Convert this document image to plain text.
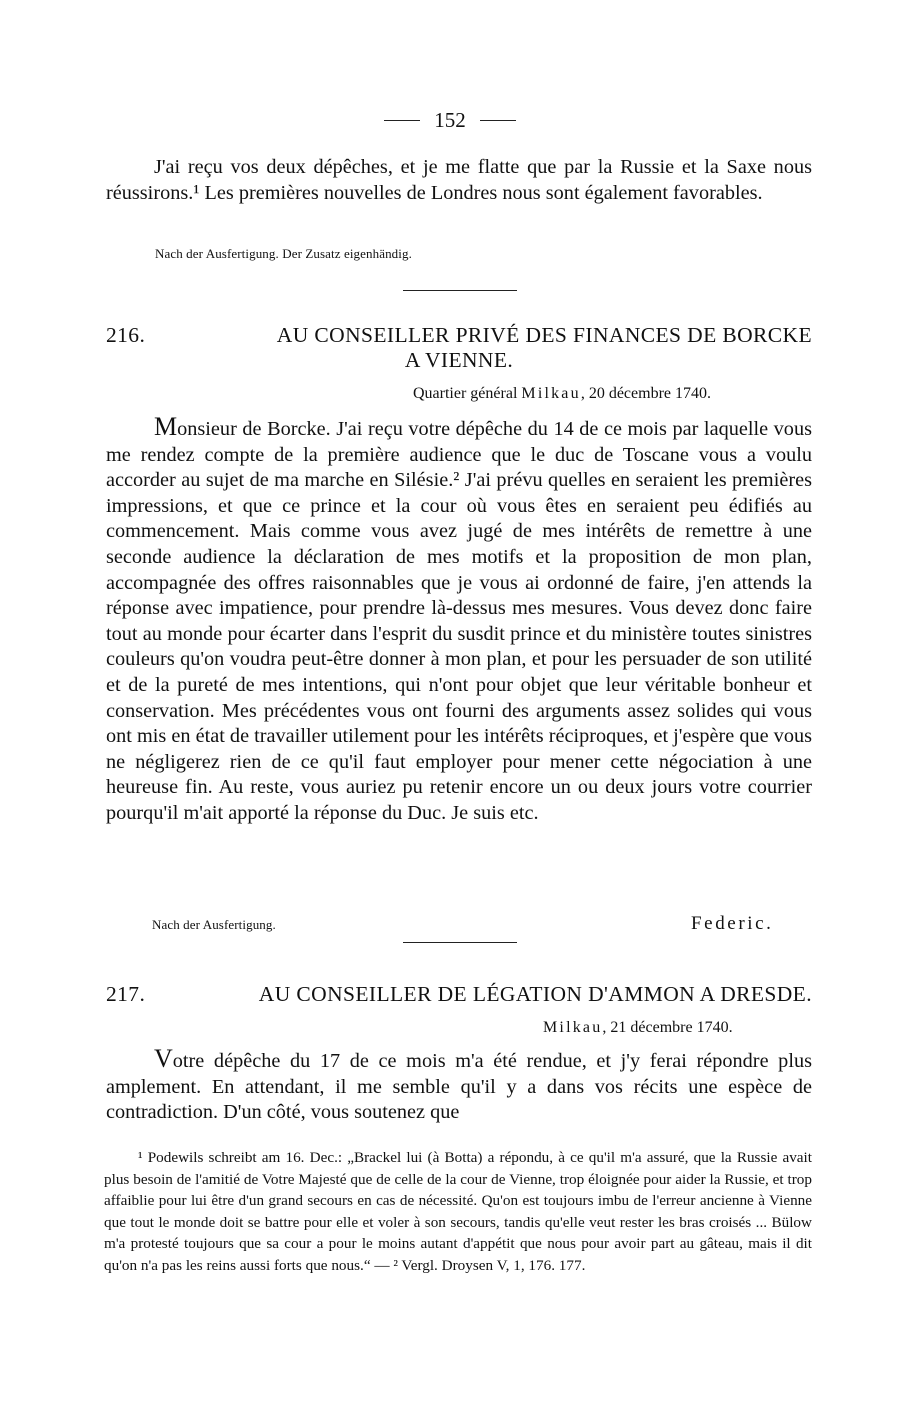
152
J'ai reçu vos deux dépêches, et je me flatte que par la Russie et la Saxe nous réussirons.¹ Les premières nouvelles de Londres nous sont également favorables.
Nach der Ausfertigung. Der Zusatz eigenhändig.
216.	AU CONSEILLER PRIVÉ DES FINANCES DE BORCKE
A VIENNE.
Quartier général Milkau, 20 décembre 1740.
Monsieur de Borcke. J'ai reçu votre dépêche du 14 de ce mois par laquelle vous me rendez compte de la première audience que le duc de Toscane vous a voulu accorder au sujet de ma marche en Silésie.² J'ai prévu quelles en seraient les premières impressions, et que ce prince et la cour où vous êtes en seraient peu édifiés au commencement. Mais comme vous avez jugé de mes intérêts de remettre à une seconde audience la déclaration de mes motifs et la proposition de mon plan, accompagnée des offres raisonnables que je vous ai ordonné de faire, j'en attends la réponse avec impatience, pour prendre là-dessus mes mesures. Vous devez donc faire tout au monde pour écarter dans l'esprit du susdit prince et du ministère toutes sinistres couleurs qu'on voudra peut-être donner à mon plan, et pour les persuader de son utilité et de la pureté de mes intentions, qui n'ont pour objet que leur véritable bonheur et conservation. Mes précédentes vous ont fourni des arguments assez solides qui vous ont mis en état de travailler utilement pour les intérêts réciproques, et j'espère que vous ne négligerez rien de ce qu'il faut employer pour mener cette négociation à une heureuse fin. Au reste, vous auriez pu retenir encore un ou deux jours votre courrier pourqu'il m'ait apporté la réponse du Duc. Je suis etc.
Nach der Ausfertigung.	Federic.
217.	AU CONSEILLER DE LÉGATION D'AMMON A DRESDE.
Milkau, 21 décembre 1740.
Votre dépêche du 17 de ce mois m'a été rendue, et j'y ferai répondre plus amplement. En attendant, il me semble qu'il y a dans vos récits une espèce de contradiction. D'un côté, vous soutenez que
¹ Podewils schreibt am 16. Dec.: „Brackel lui (à Botta) a répondu, à ce qu'il m'a assuré, que la Russie avait plus besoin de l'amitié de Votre Majesté que de celle de la cour de Vienne, trop éloignée pour aider la Russie, et trop affaiblie pour lui être d'un grand secours en cas de nécessité. Qu'on est toujours imbu de l'erreur ancienne à Vienne que tout le monde doit se battre pour elle et voler à son secours, tandis qu'elle veut rester les bras croisés ... Bülow m'a protesté toujours que sa cour a pour le moins autant d'appétit que nous pour avoir part au gâteau, mais il dit qu'on n'a pas les reins aussi forts que nous.“ — ² Vergl. Droysen V, 1, 176. 177.
